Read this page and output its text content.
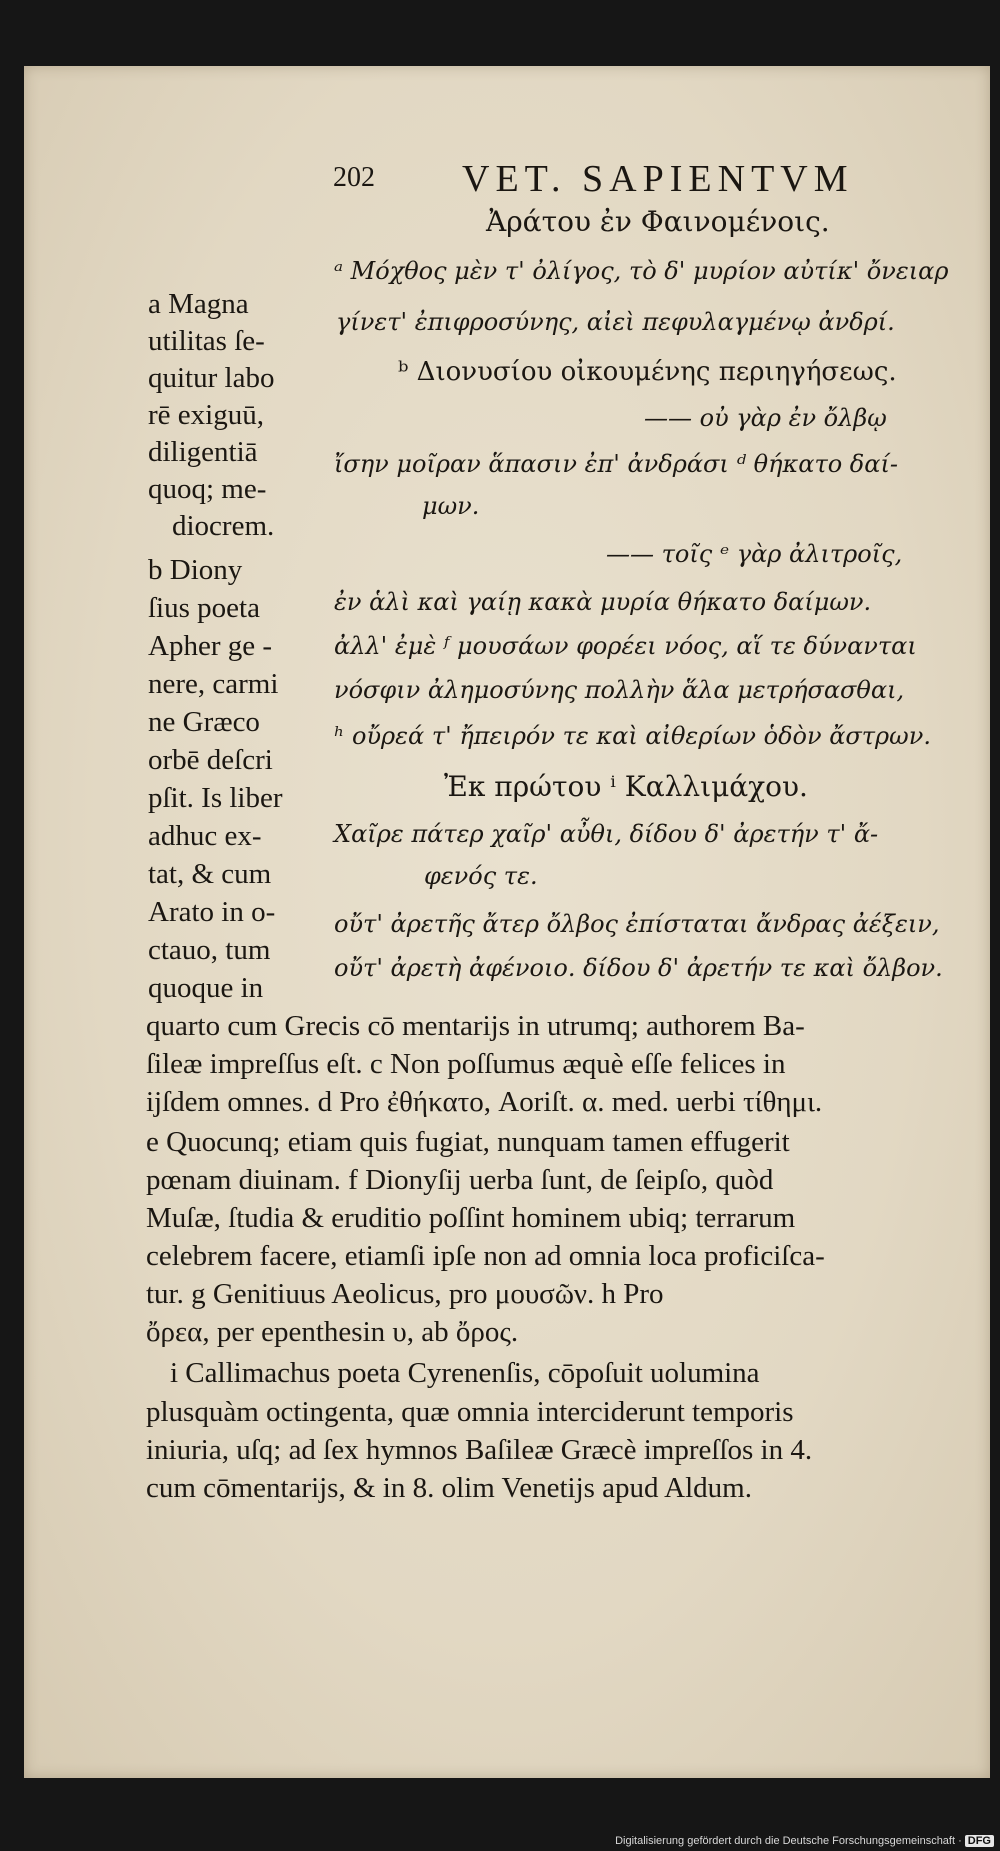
202 VET. SAPIENTVM
Ἀράτου ἐν Φαινομένοις.
ᵃ Μόχθος μὲν τ' ὀλίγος, τὸ δ' μυρίον αὐτίκ' ὄνειαρ
γίνετ' ἐπιφροσύνης, αἰεὶ πεφυλαγμένῳ ἀνδρί.
ᵇ Διονυσίου οἰκουμένης περιηγήσεως.
—— οὐ γὰρ ἐν ὄλβῳ
ἴσην μοῖραν ἅπασιν ἐπ' ἀνδράσι ᵈ θήκατο δαί-
μων.
—— τοῖς ᵉ γὰρ ἀλιτροῖς,
ἐν ἁλὶ καὶ γαίῃ κακὰ μυρία θήκατο δαίμων.
ἀλλ' ἐμὲ ᶠ μουσάων φορέει νόος, αἵ τε δύνανται
νόσφιν ἀλημοσύνης πολλὴν ἅλα μετρήσασθαι,
ʰ οὔρεά τ' ἤπειρόν τε καὶ αἰθερίων ὁδὸν ἄστρων.
Ἐκ πρώτου ⁱ Καλλιμάχου.
Χαῖρε πάτερ χαῖρ' αὖθι, δίδου δ' ἀρετήν τ' ἄ-
φενός τε.
οὔτ' ἀρετῆς ἄτερ ὄλβος ἐπίσταται ἄνδρας ἀέξειν,
οὔτ' ἀρετὴ ἀφένοιο. δίδου δ' ἀρετήν τε καὶ ὄλβον.
a Magna
utilitas ſe-
quitur labo
rē exiguū,
diligentiā
quoq; me-
diocrem.
b Diony
ſius poeta
Apher ge -
nere, carmi
ne Græco
orbē deſcri
pſit. Is liber
adhuc ex-
tat, & cum
Arato in o-
ctauo, tum
quoque in
quarto cum Grecis cō mentarijs in utrumq; authorem Ba-
ſileæ impreſſus eſt. c Non poſſumus æquè eſſe felices in
ijſdem omnes. d Pro ἐθήκατο, Aoriſt. α. med. uerbi τίθημι.
e Quocunq; etiam quis fugiat, nunquam tamen effugerit
pœnam diuinam. f Dionyſij uerba ſunt, de ſeipſo, quòd
Muſæ, ſtudia & eruditio poſſint hominem ubiq; terrarum
celebrem facere, etiamſi ipſe non ad omnia loca proficiſca-
tur. g Genitiuus Aeolicus, pro μουσῶν. h Pro
ὄρεα, per epenthesin υ, ab ὄρος.
i Callimachus poeta Cyrenenſis, cōpoſuit uolumina
plusquàm octingenta, quæ omnia interciderunt temporis
iniuria, uſq; ad ſex hymnos Baſileæ Græcè impreſſos in 4.
cum cōmentarijs, & in 8. olim Venetijs apud Aldum.
Digitalisierung gefördert durch die Deutsche Forschungsgemeinschaft · DFG
